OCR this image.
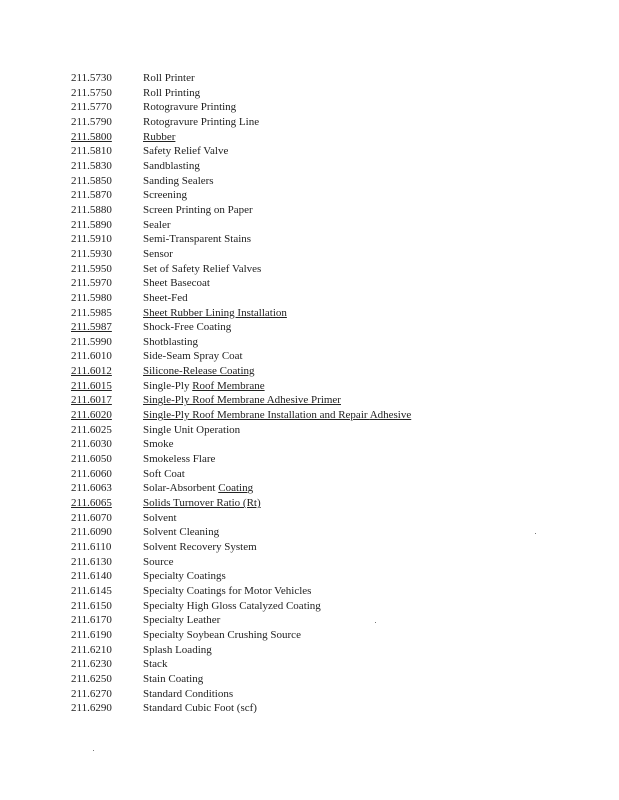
211.5730	Roll Printer
211.5750	Roll Printing
211.5770	Rotogravure Printing
211.5790	Rotogravure Printing Line
211.5800	Rubber
211.5810	Safety Relief Valve
211.5830	Sandblasting
211.5850	Sanding Sealers
211.5870	Screening
211.5880	Screen Printing on Paper
211.5890	Sealer
211.5910	Semi-Transparent Stains
211.5930	Sensor
211.5950	Set of Safety Relief Valves
211.5970	Sheet Basecoat
211.5980	Sheet-Fed
211.5985	Sheet Rubber Lining Installation
211.5987	Shock-Free Coating
211.5990	Shotblasting
211.6010	Side-Seam Spray Coat
211.6012	Silicone-Release Coating
211.6015	Single-Ply Roof Membrane
211.6017	Single-Ply Roof Membrane Adhesive Primer
211.6020	Single-Ply Roof Membrane Installation and Repair Adhesive
211.6025	Single Unit Operation
211.6030	Smoke
211.6050	Smokeless Flare
211.6060	Soft Coat
211.6063	Solar-Absorbent Coating
211.6065	Solids Turnover Ratio (Rt)
211.6070	Solvent
211.6090	Solvent Cleaning
211.6110	Solvent Recovery System
211.6130	Source
211.6140	Specialty Coatings
211.6145	Specialty Coatings for Motor Vehicles
211.6150	Specialty High Gloss Catalyzed Coating
211.6170	Specialty Leather
211.6190	Specialty Soybean Crushing Source
211.6210	Splash Loading
211.6230	Stack
211.6250	Stain Coating
211.6270	Standard Conditions
211.6290	Standard Cubic Foot (scf)
